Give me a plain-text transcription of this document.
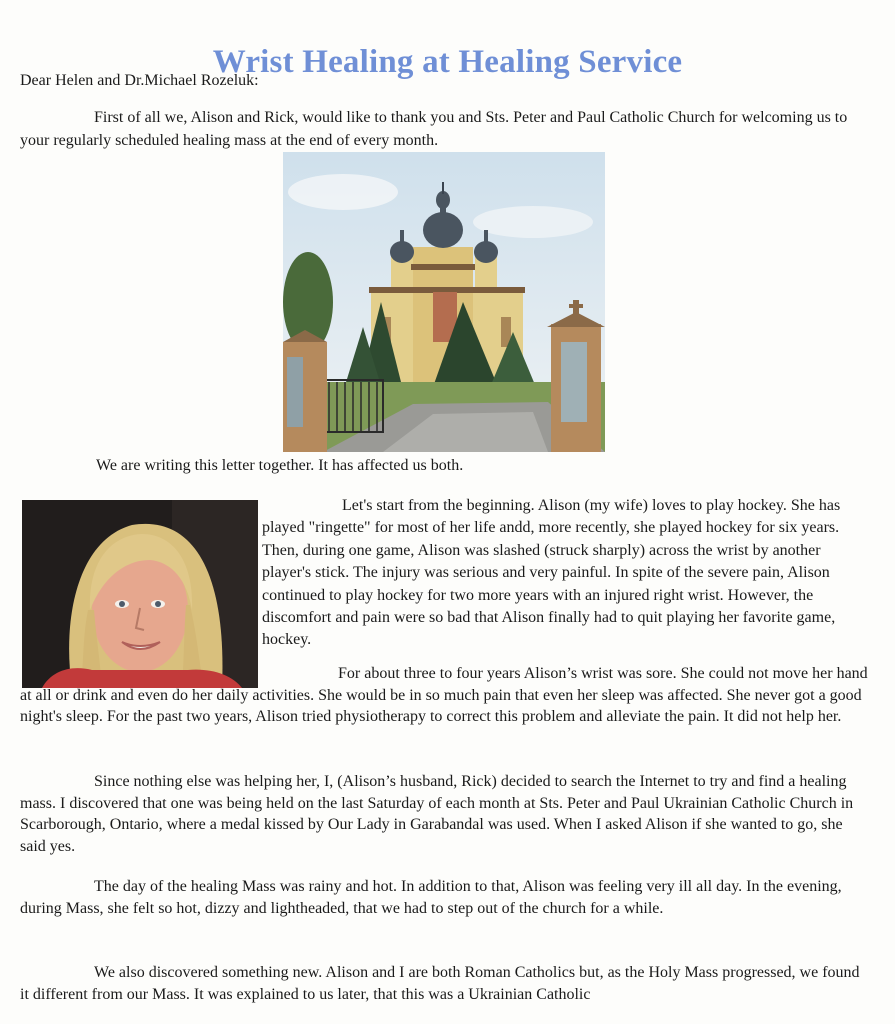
Wrist Healing at Healing Service

Dear Helen and Dr.Michael Rozeluk:

First of all we, Alison and Rick, would like to thank you and Sts. Peter and Paul Catholic Church for welcoming us to your regularly scheduled healing mass at the end of every month.

We are writing this letter together. It has affected us both.

Let's start from the beginning. Alison (my wife) loves to play hockey. She has played "ringette" for most of her life andd, more recently, she played hockey for six years. Then, during one game, Alison was slashed (struck sharply) across the wrist by another player's stick. The injury was serious and very painful. In spite of the severe pain, Alison continued to play hockey for two more years with an injured right wrist. However, the discomfort and pain were so bad that Alison finally had to quit playing her favorite game, hockey.

For about three to four years Alison’s wrist was sore. She could not move her hand at all or drink and even do her daily activities. She would be in so much pain that even her sleep was affected. She never got a good night's sleep. For the past two years, Alison tried physiotherapy to correct this problem and alleviate the pain. It did not help her.

Since nothing else was helping her, I, (Alison’s husband, Rick) decided to search the Internet to try and find a healing mass. I discovered that one was being held on the last Saturday of each month at Sts. Peter and Paul Ukrainian Catholic Church in Scarborough, Ontario, where a medal kissed by Our Lady in Garabandal was used. When I asked Alison if she wanted to go, she said yes.

The day of the healing Mass was rainy and hot. In addition to that, Alison was feeling very ill all day. In the evening, during Mass, she felt so hot, dizzy and lightheaded, that we had to step out of the church for a while.

We also discovered something new. Alison and I are both Roman Catholics but, as the Holy Mass progressed, we found it different from our Mass. It was explained to us later, that this was a Ukrainian Catholic
